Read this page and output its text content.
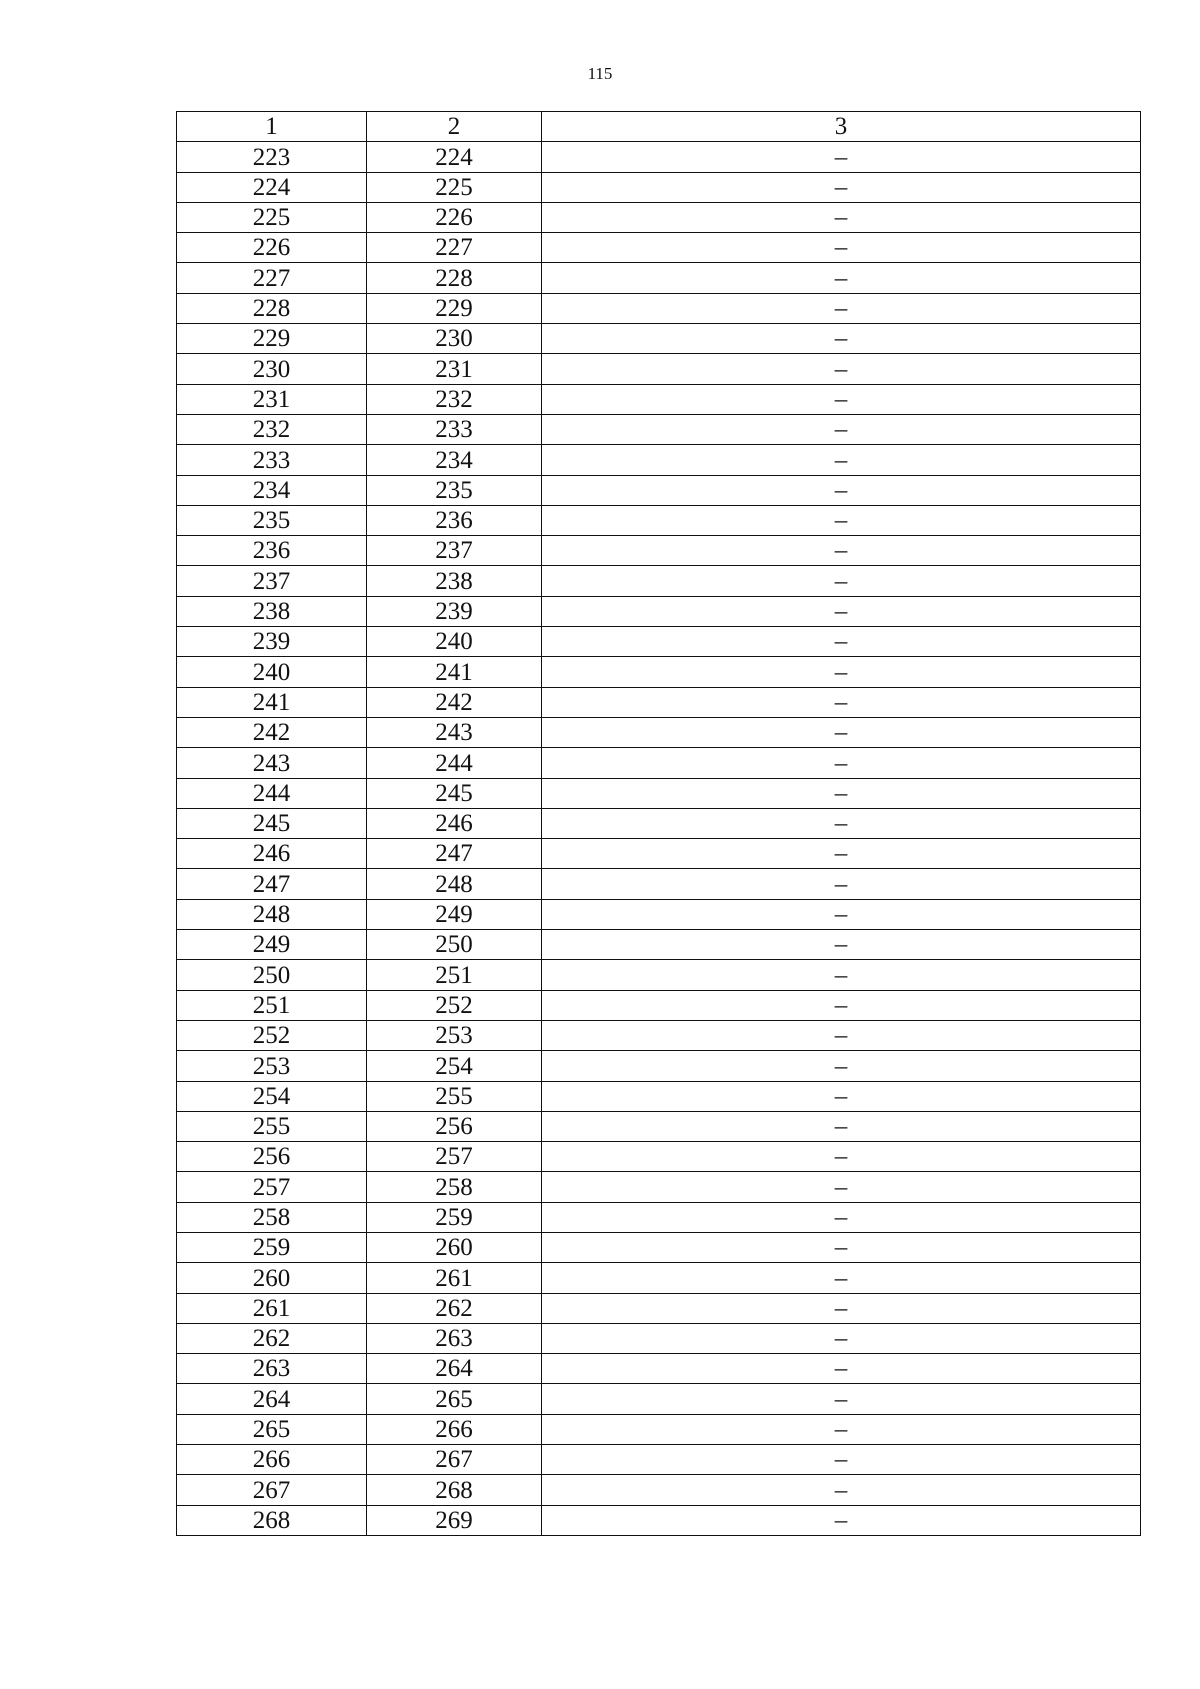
115
1	2	3
223	224	–
224	225	–
225	226	–
226	227	–
227	228	–
228	229	–
229	230	–
230	231	–
231	232	–
232	233	–
233	234	–
234	235	–
235	236	–
236	237	–
237	238	–
238	239	–
239	240	–
240	241	–
241	242	–
242	243	–
243	244	–
244	245	–
245	246	–
246	247	–
247	248	–
248	249	–
249	250	–
250	251	–
251	252	–
252	253	–
253	254	–
254	255	–
255	256	–
256	257	–
257	258	–
258	259	–
259	260	–
260	261	–
261	262	–
262	263	–
263	264	–
264	265	–
265	266	–
266	267	–
267	268	–
268	269	–
